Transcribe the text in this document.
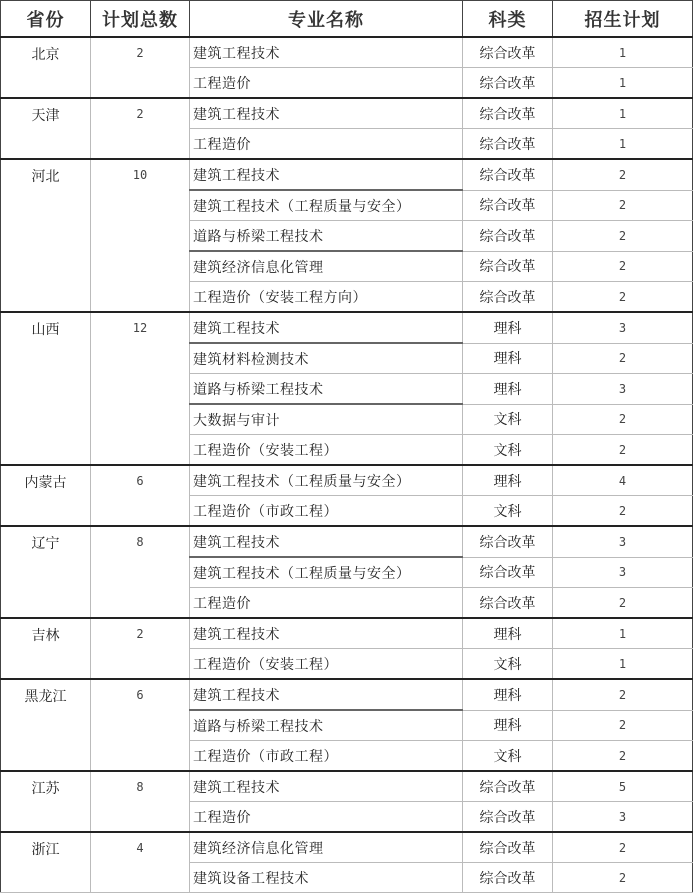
省份	计划总数	专业名称	科类	招生计划
北京	2	建筑工程技术	综合改革	1
		工程造价	综合改革	1
天津	2	建筑工程技术	综合改革	1
		工程造价	综合改革	1
河北	10	建筑工程技术	综合改革	2
		建筑工程技术（工程质量与安全）	综合改革	2
		道路与桥梁工程技术	综合改革	2
		建筑经济信息化管理	综合改革	2
		工程造价（安装工程方向）	综合改革	2
山西	12	建筑工程技术	理科	3
		建筑材料检测技术	理科	2
		道路与桥梁工程技术	理科	3
		大数据与审计	文科	2
		工程造价（安装工程）	文科	2
内蒙古	6	建筑工程技术（工程质量与安全）	理科	4
		工程造价（市政工程）	文科	2
辽宁	8	建筑工程技术	综合改革	3
		建筑工程技术（工程质量与安全）	综合改革	3
		工程造价	综合改革	2
吉林	2	建筑工程技术	理科	1
		工程造价（安装工程）	文科	1
黑龙江	6	建筑工程技术	理科	2
		道路与桥梁工程技术	理科	2
		工程造价（市政工程）	文科	2
江苏	8	建筑工程技术	综合改革	5
		工程造价	综合改革	3
浙江	4	建筑经济信息化管理	综合改革	2
		建筑设备工程技术	综合改革	2
